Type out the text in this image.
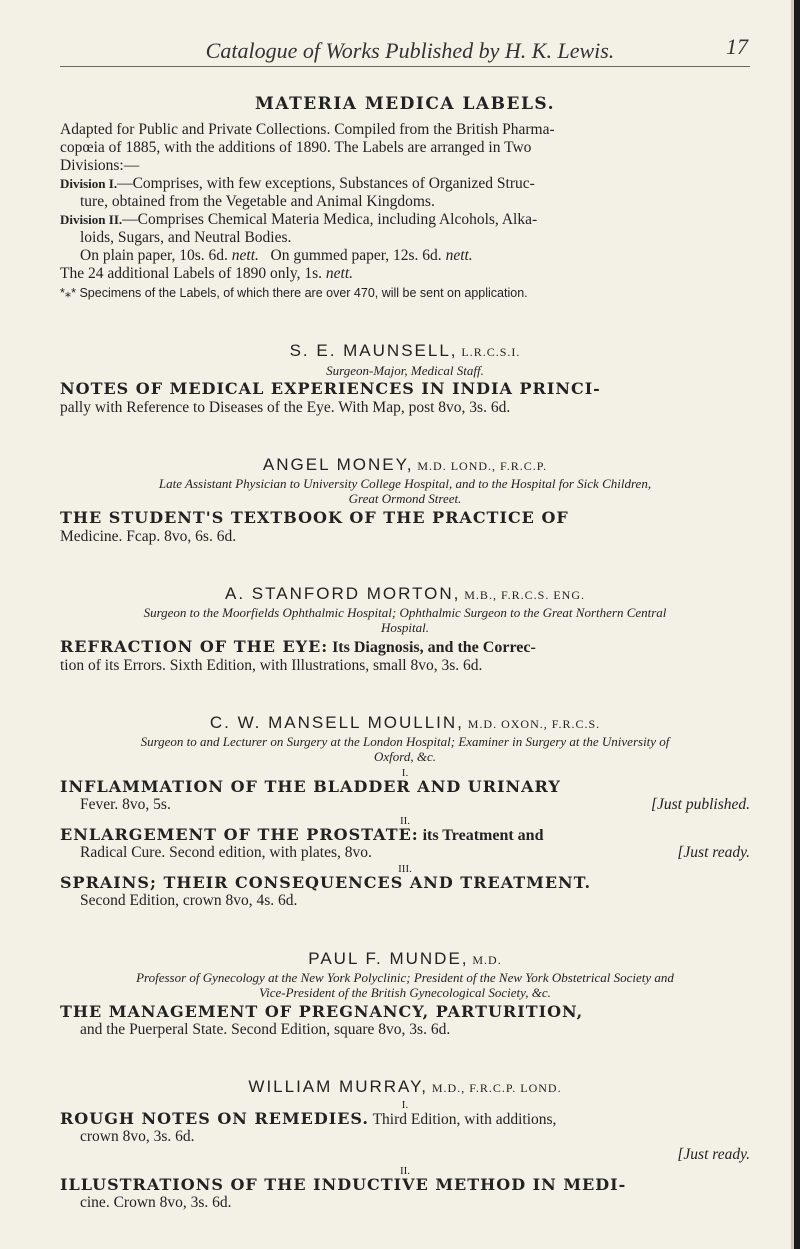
Catalogue of Works Published by H. K. Lewis.	17
MATERIA MEDICA LABELS.
Adapted for Public and Private Collections. Compiled from the British Pharma-
copœia of 1885, with the additions of 1890. The Labels are arranged in Two
Divisions:—
Division I.—Comprises, with few exceptions, Substances of Organized Struc-
ture, obtained from the Vegetable and Animal Kingdoms.
Division II.—Comprises Chemical Materia Medica, including Alcohols, Alka-
loids, Sugars, and Neutral Bodies.
On plain paper, 10s. 6d. nett. On gummed paper, 12s. 6d. nett.
The 24 additional Labels of 1890 only, 1s. nett.
*⁎* Specimens of the Labels, of which there are over 470, will be sent on application.
S. E. MAUNSELL, L.R.C.S.I.
Surgeon-Major, Medical Staff.
NOTES OF MEDICAL EXPERIENCES IN INDIA PRINCI-
pally with Reference to Diseases of the Eye. With Map, post 8vo, 3s. 6d.
ANGEL MONEY, M.D. LOND., F.R.C.P.
Late Assistant Physician to University College Hospital, and to the Hospital for Sick Children,
Great Ormond Street.
THE STUDENT'S TEXTBOOK OF THE PRACTICE OF
Medicine. Fcap. 8vo, 6s. 6d.
A. STANFORD MORTON, M.B., F.R.C.S. ENG.
Surgeon to the Moorfields Ophthalmic Hospital; Ophthalmic Surgeon to the Great Northern Central
Hospital.
REFRACTION OF THE EYE: Its Diagnosis, and the Correc-
tion of its Errors. Sixth Edition, with Illustrations, small 8vo, 3s. 6d.
C. W. MANSELL MOULLIN, M.D. OXON., F.R.C.S.
Surgeon to and Lecturer on Surgery at the London Hospital; Examiner in Surgery at the University of
Oxford, &c.
I.
INFLAMMATION OF THE BLADDER AND URINARY
Fever. 8vo, 5s.	[Just published.
II.
ENLARGEMENT OF THE PROSTATE: its Treatment and
Radical Cure. Second edition, with plates, 8vo.	[Just ready.
III.
SPRAINS; THEIR CONSEQUENCES AND TREATMENT.
Second Edition, crown 8vo, 4s. 6d.
PAUL F. MUNDE, M.D.
Professor of Gynecology at the New York Polyclinic; President of the New York Obstetrical Society and
Vice-President of the British Gynecological Society, &c.
THE MANAGEMENT OF PREGNANCY, PARTURITION,
and the Puerperal State. Second Edition, square 8vo, 3s. 6d.
WILLIAM MURRAY, M.D., F.R.C.P. LOND.
I.
ROUGH NOTES ON REMEDIES. Third Edition, with additions,
crown 8vo, 3s. 6d.
[Just ready.
II.
ILLUSTRATIONS OF THE INDUCTIVE METHOD IN MEDI-
cine. Crown 8vo, 3s. 6d.
